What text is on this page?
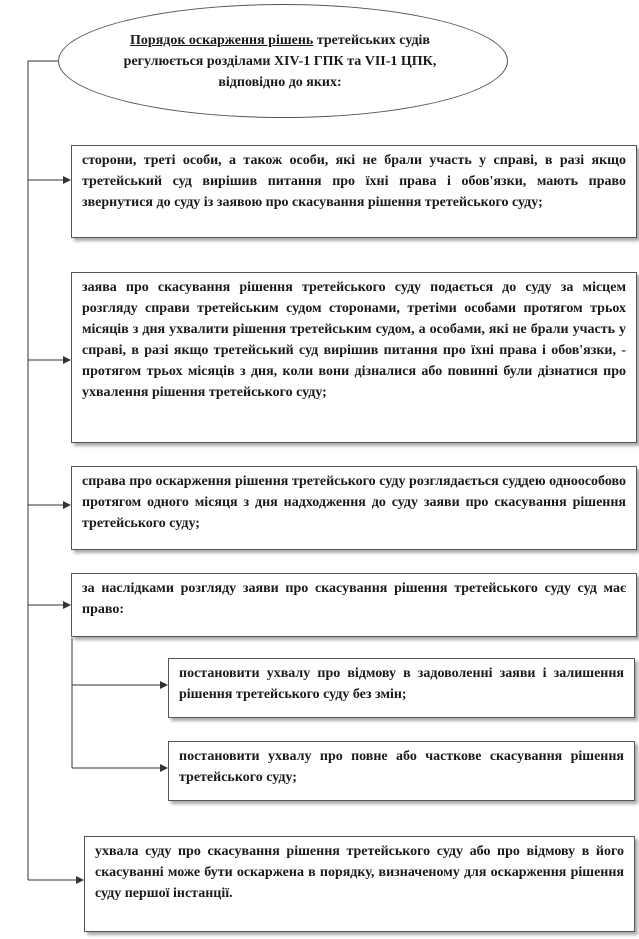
Порядок оскарження рішень третейських судів регулюється розділами XIV-1 ГПК та VII-1 ЦПК, відповідно до яких:
сторони, треті особи, а також особи, які не брали участь у справі, в разі якщо третейський суд вирішив питання про їхні права і обов'язки, мають право звернутися до суду із заявою про скасування рішення третейського суду;
заява про скасування рішення третейського суду подається до суду за місцем розгляду справи третейським судом сторонами, третіми особами протягом трьох місяців з дня ухвалити рішення третейським судом, а особами, які не брали участь у справі, в разі якщо третейський суд вирішив питання про їхні права і обов'язки, - протягом трьох місяців з дня, коли вони дізналися або повинні були дізнатися про ухвалення рішення третейського суду;
справа про оскарження рішення третейського суду розглядається суддею одноособово протягом одного місяця з дня надходження до суду заяви про скасування рішення третейського суду;
за наслідками розгляду заяви про скасування рішення третейського суду суд має право:
постановити ухвалу про відмову в задоволенні заяви і залишення рішення третейського суду без змін;
постановити ухвалу про повне або часткове скасування рішення третейського суду;
ухвала суду про скасування рішення третейського суду або про відмову в його скасуванні може бути оскаржена в порядку, визначеному для оскарження рішення суду першої інстанції.
